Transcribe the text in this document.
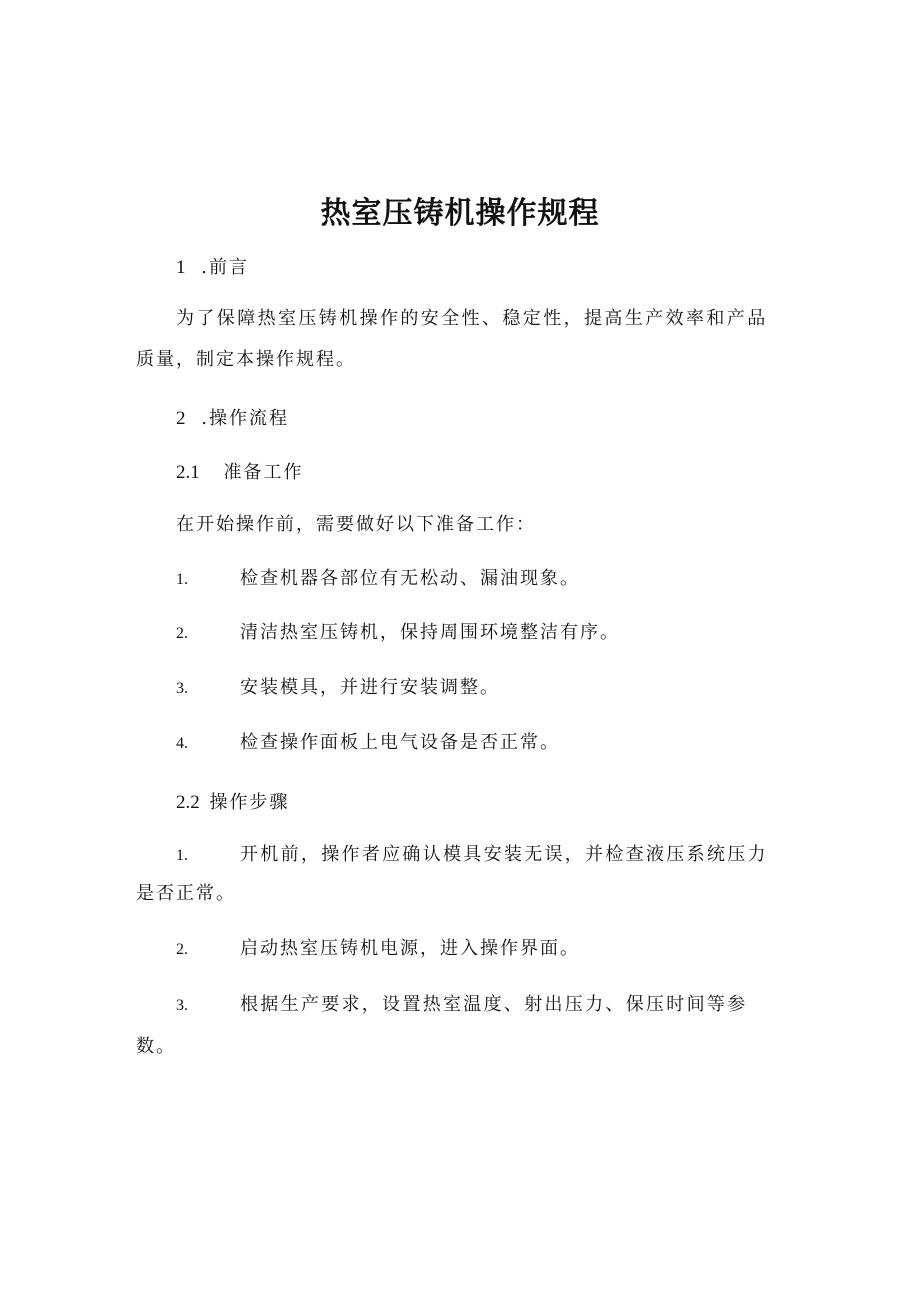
热室压铸机操作规程
1 .前言
为了保障热室压铸机操作的安全性、稳定性，提高生产效率和产品
质量，制定本操作规程。
2 .操作流程
2.1 准备工作
在开始操作前，需要做好以下准备工作：
1.	检查机器各部位有无松动、漏油现象。
2.	清洁热室压铸机，保持周围环境整洁有序。
3.	安装模具，并进行安装调整。
4.	检查操作面板上电气设备是否正常。
2.2 操作步骤
1.	开机前，操作者应确认模具安装无误，并检查液压系统压力
是否正常。
2.	启动热室压铸机电源，进入操作界面。
3.	根据生产要求，设置热室温度、射出压力、保压时间等参
数。
